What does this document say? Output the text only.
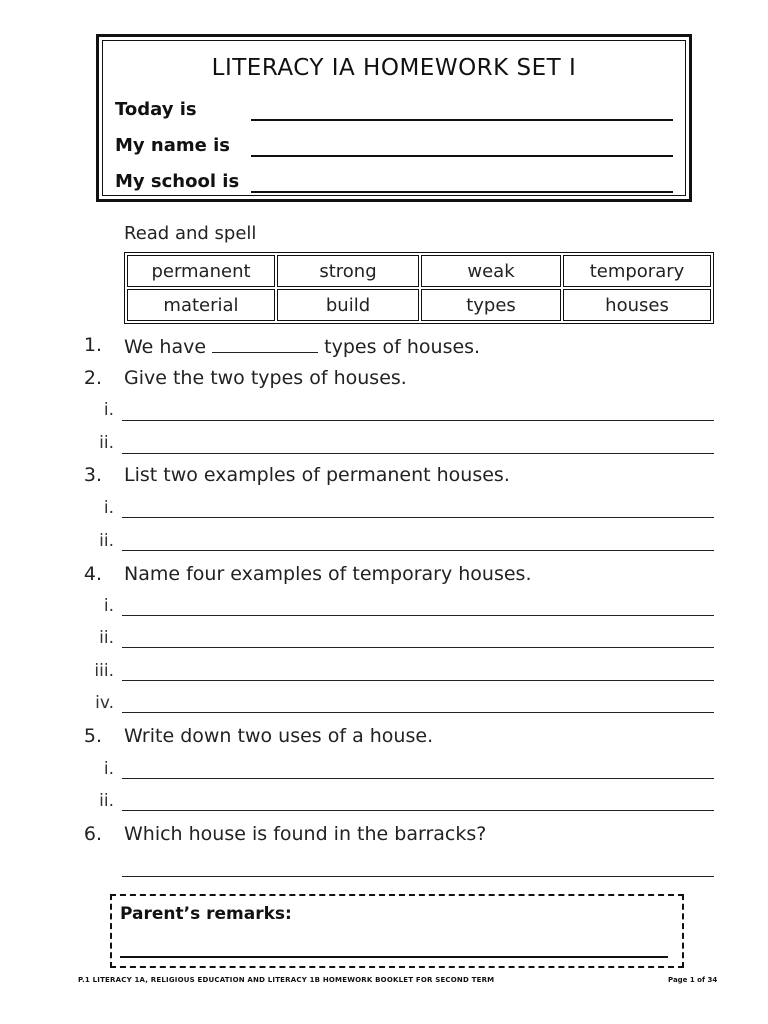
LITERACY IA HOMEWORK SET I
Today is
My name is
My school is
Read and spell
permanent	strong	weak	temporary
material	build	types	houses
1. We have	types of houses.
2. Give the two types of houses.
i.
ii.
3. List two examples of permanent houses.
i.
ii.
4. Name four examples of temporary houses.
i.
ii.
iii.
iv.
5. Write down two uses of a house.
i.
ii.
6. Which house is found in the barracks?
Parent’s remarks:
P.1 LITERACY 1A, RELIGIOUS EDUCATION AND LITERACY 1B HOMEWORK BOOKLET FOR SECOND TERM	Page 1 of 34
